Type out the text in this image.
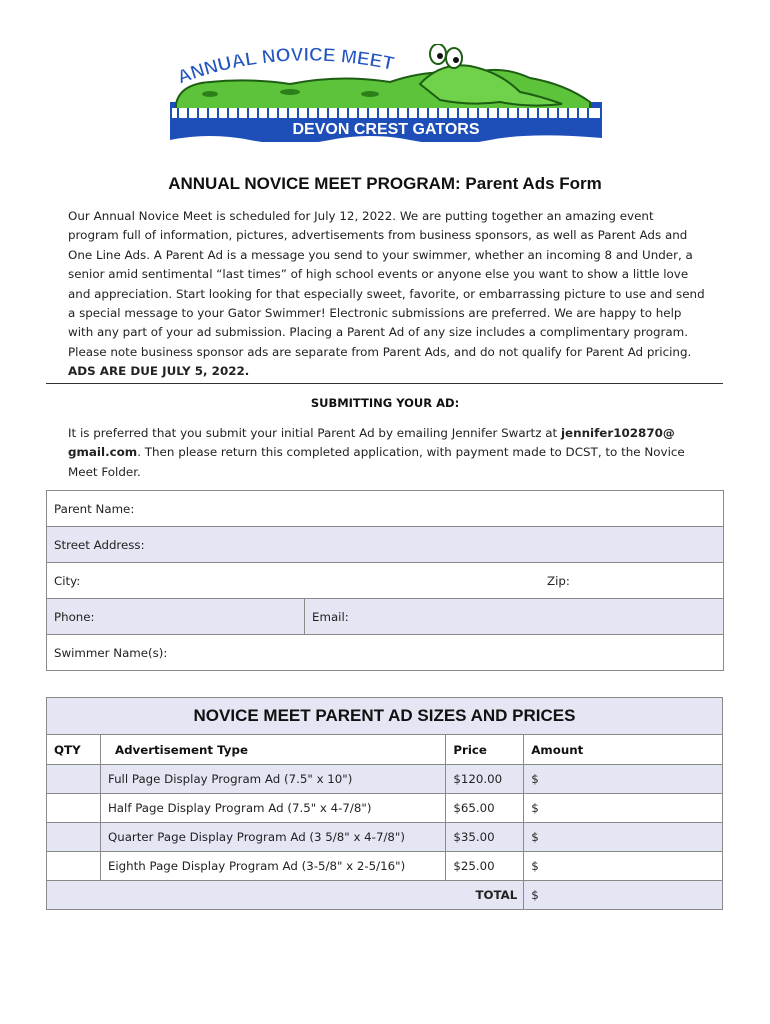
ANNUAL NOVICE MEET
DEVON CREST GATORS
ANNUAL NOVICE MEET PROGRAM: Parent Ads Form

Our Annual Novice Meet is scheduled for July 12, 2022. We are putting together an amazing event program full of information, pictures, advertisements from business sponsors, as well as Parent Ads and One Line Ads. A Parent Ad is a message you send to your swimmer, whether an incoming 8 and Under, a senior amid sentimental “last times” of high school events or anyone else you want to show a little love and appreciation. Start looking for that especially sweet, favorite, or embarrassing picture to use and send a special message to your Gator Swimmer! Electronic submissions are preferred. We are happy to help with any part of your ad submission. Placing a Parent Ad of any size includes a complimentary program. Please note business sponsor ads are separate from Parent Ads, and do not qualify for Parent Ad pricing. ADS ARE DUE JULY 5, 2022.

SUBMITTING YOUR AD:

It is preferred that you submit your initial Parent Ad by emailing Jennifer Swartz at jennifer102870@ gmail.com. Then please return this completed application, with payment made to DCST, to the Novice Meet Folder.

Parent Name:
Street Address:
City:	Zip:
Phone:	Email:
Swimmer Name(s):
NOVICE MEET PARENT AD SIZES AND PRICES			
QTY	Advertisement Type	Price	Amount
	Full Page Display Program Ad (7.5" x 10")	$120.00	$
	Half Page Display Program Ad (7.5" x 4-7/8")	$65.00	$
	Quarter Page Display Program Ad (3 5/8" x 4-7/8")	$35.00	$
	Eighth Page Display Program Ad (3-5/8" x 2-5/16")	$25.00	$
TOTAL			$
